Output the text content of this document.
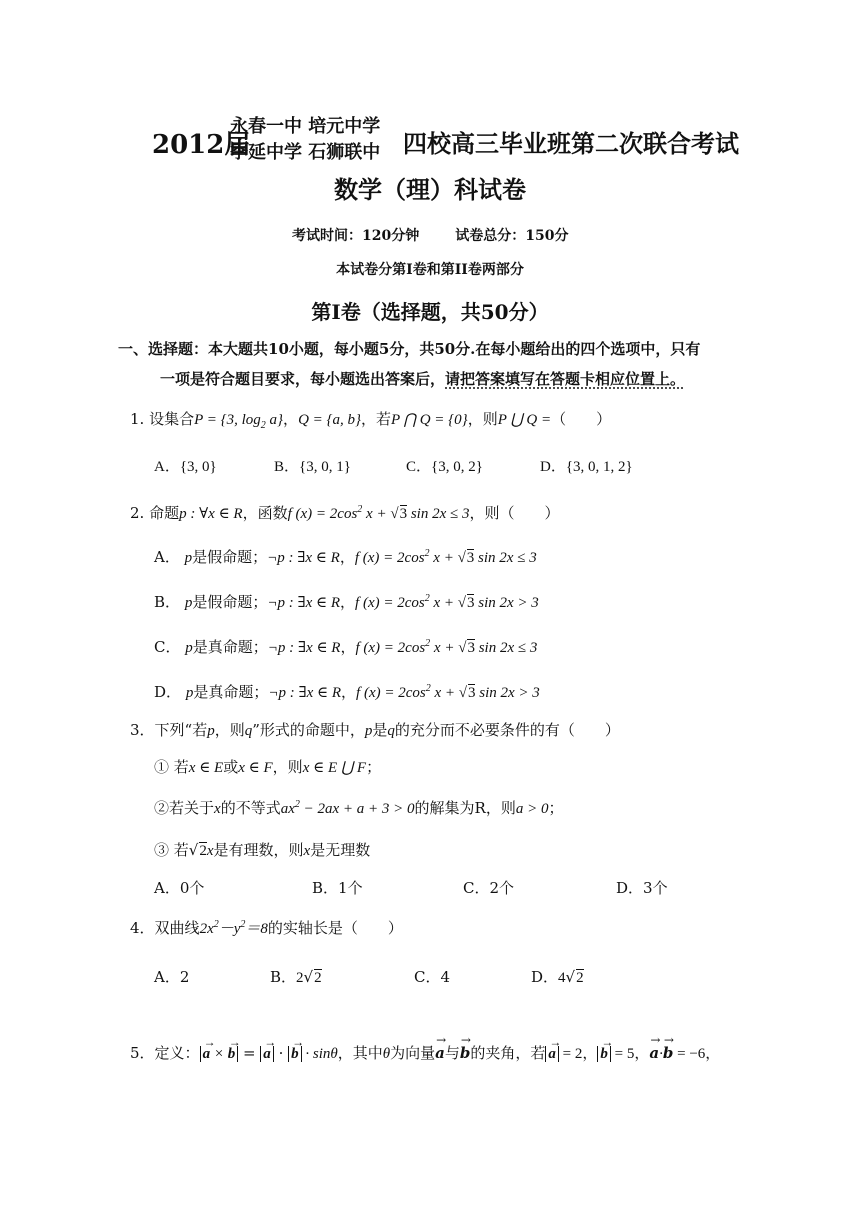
2012届
永春一中 培元中学
季延中学 石狮联中 四校高三毕业班第二次联合考试
数学（理）科试卷
考试时间：120分钟	试卷总分：150分
本试卷分第I卷和第II卷两部分
第I卷（选择题，共50分）
一、选择题：本大题共10小题，每小题5分，共50分.在每小题给出的四个选项中，只有
一项是符合题目要求，每小题选出答案后，请把答案填写在答题卡相应位置上。
1. 设集合P = {3, $\log_2 a$}，Q = {a, b}，若P ⋂ Q = {0}，则P ⋃ Q =（　　）
A．{3, 0}	B．{3, 0, 1}	C．{3, 0, 2}	D．{3, 0, 1, 2}
2. 命题p : ∀x ∈ R，函数f $(x) = 2\cos^2$ x + √3 sin 2x ≤ 3，则（　　）
A． p是假命题；¬p : ∃x ∈ R，f $(x) = 2\cos^2$ x + √3 sin 2x ≤ 3
B． p是假命题；¬p : ∃x ∈ R，f $(x) = 2\cos^2$ x + √3 sin 2x > 3
C． p是真命题；¬p : ∃x ∈ R，f $(x) = 2\cos^2$ x + √3 sin 2x ≤ 3
D． p是真命题；¬p : ∃x ∈ R，f $(x) = 2\cos^2$ x + √3 sin 2x > 3
3．下列“若p，则q”形式的命题中，p是q的充分而不必要条件的有（　　）
① 若x ∈ E或x ∈ F，则x ∈ E ⋃ F；
②若关于x的不等式$ax^2 - 2ax + a + 3 > 0$的解集为R，则a > 0；
③ 若√2x是有理数，则x是无理数
A．0个	B．1个	C．2个	D．3个
4．双曲线$2x^2-y^2=8$的实轴长是（　　）
A．2	B．2√2	C．4	D．4√2
5．定义： → a × → b = → a · → b · sinθ，其中θ为向量→ a与→ b的夹角，若 → a = 2， → b = 5，→ a·→ b = −6，
